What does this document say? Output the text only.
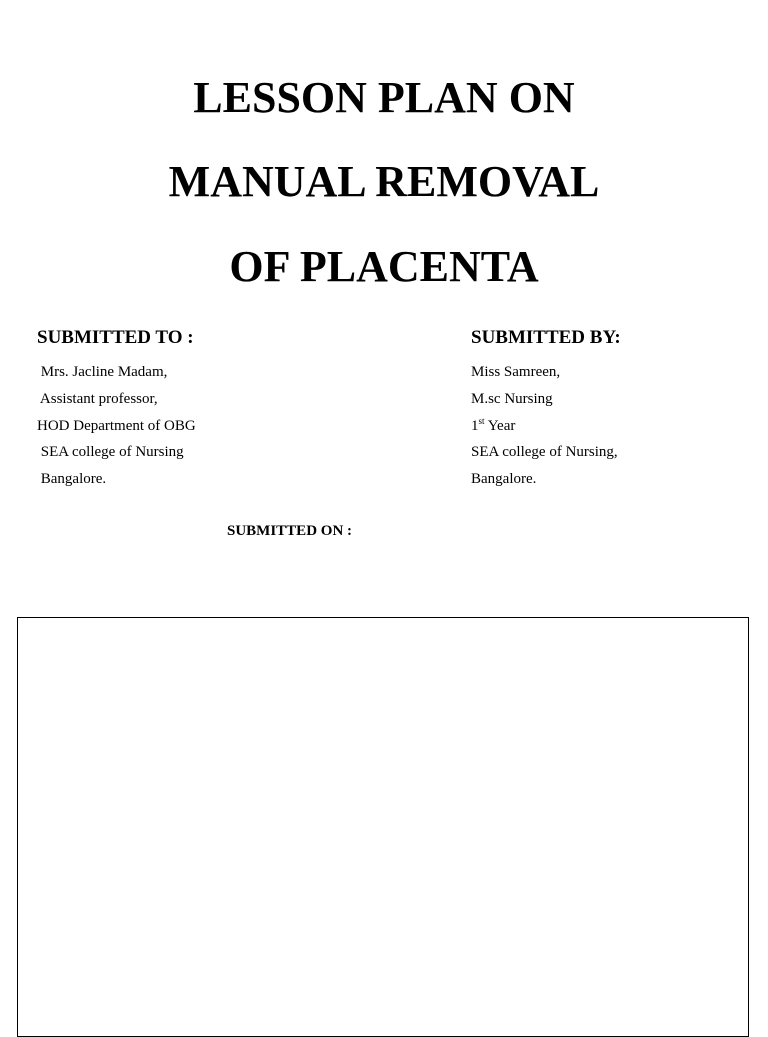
LESSON PLAN ON
MANUAL REMOVAL
OF PLACENTA
SUBMITTED TO :
Mrs. Jacline Madam,
Assistant professor,
HOD Department of OBG
SEA college of Nursing
Bangalore.
SUBMITTED BY:
Miss Samreen,
M.sc Nursing
1st Year
SEA college of Nursing,
Bangalore.
SUBMITTED ON :
